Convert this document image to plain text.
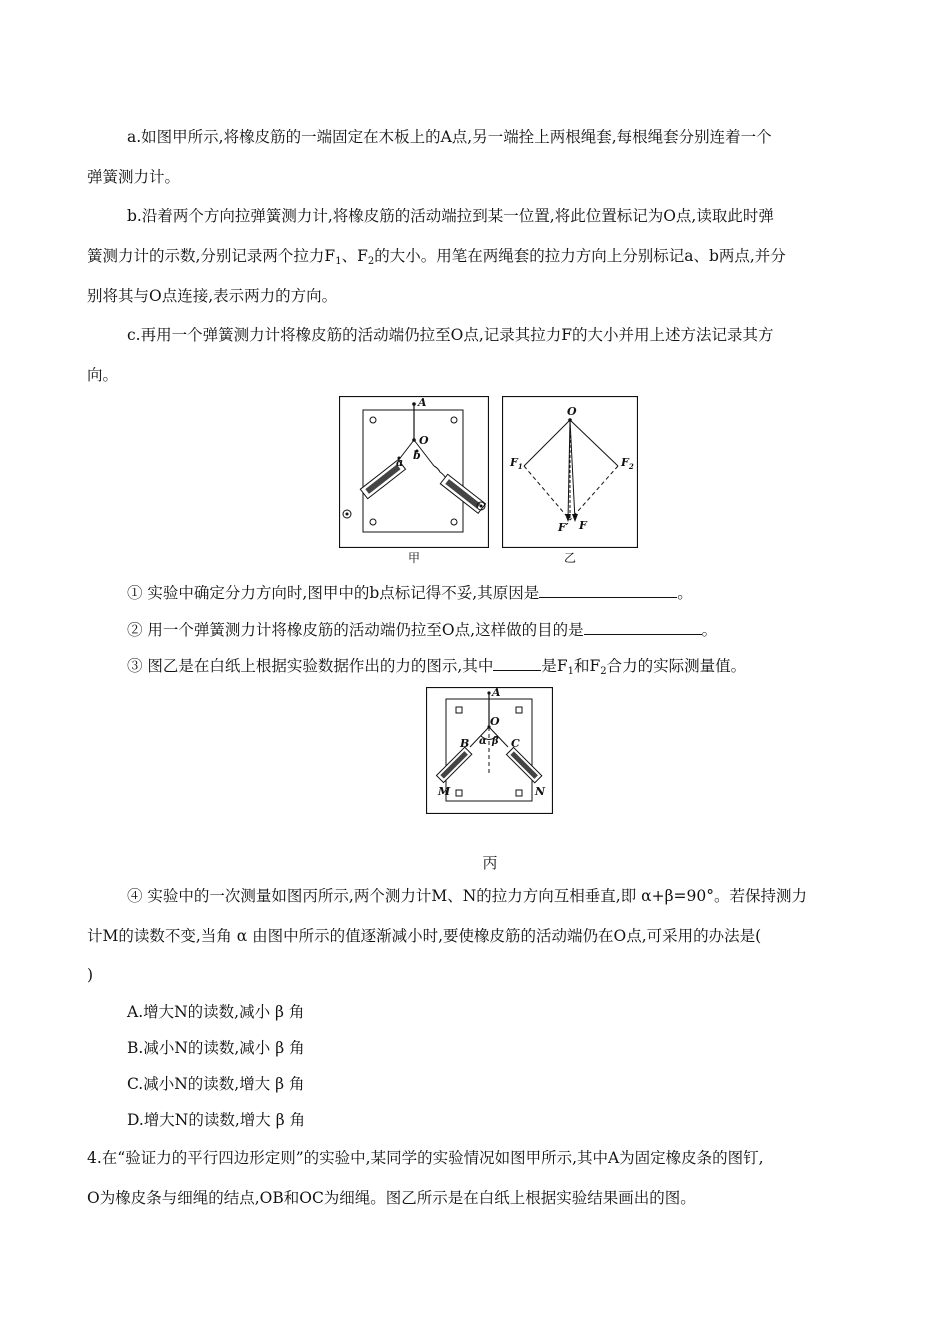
a.如图甲所示,将橡皮筋的一端固定在木板上的A点,另一端拴上两根绳套,每根绳套分别连着一个
弹簧测力计。
b.沿着两个方向拉弹簧测力计,将橡皮筋的活动端拉到某一位置,将此位置标记为O点,读取此时弹
簧测力计的示数,分别记录两个拉力$F_1$、$F_2$的大小。用笔在两绳套的拉力方向上分别标记a、b两点,并分
别将其与O点连接,表示两力的方向。
c.再用一个弹簧测力计将橡皮筋的活动端仍拉至O点,记录其拉力F的大小并用上述方法记录其方
向。
A
O
a
b
甲
O
$F_1$	$F_2$
F′ F
乙
① 实验中确定分力方向时,图甲中的b点标记得不妥,其原因是	。
② 用一个弹簧测力计将橡皮筋的活动端仍拉至O点,这样做的目的是	。
③ 图乙是在白纸上根据实验数据作出的力的图示,其中	是$F_1$和$F_2$合力的实际测量值。
A
O
B	C
α β
M	N
丙
④ 实验中的一次测量如图丙所示,两个测力计M、N的拉力方向互相垂直,即 α+β=90°。若保持测力
计M的读数不变,当角 α 由图中所示的值逐渐减小时,要使橡皮筋的活动端仍在O点,可采用的办法是(
)
A.增大N的读数,减小 β 角
B.减小N的读数,减小 β 角
C.减小N的读数,增大 β 角
D.增大N的读数,增大 β 角
4.在“验证力的平行四边形定则”的实验中,某同学的实验情况如图甲所示,其中A为固定橡皮条的图钉,
O为橡皮条与细绳的结点,OB和OC为细绳。图乙所示是在白纸上根据实验结果画出的图。
